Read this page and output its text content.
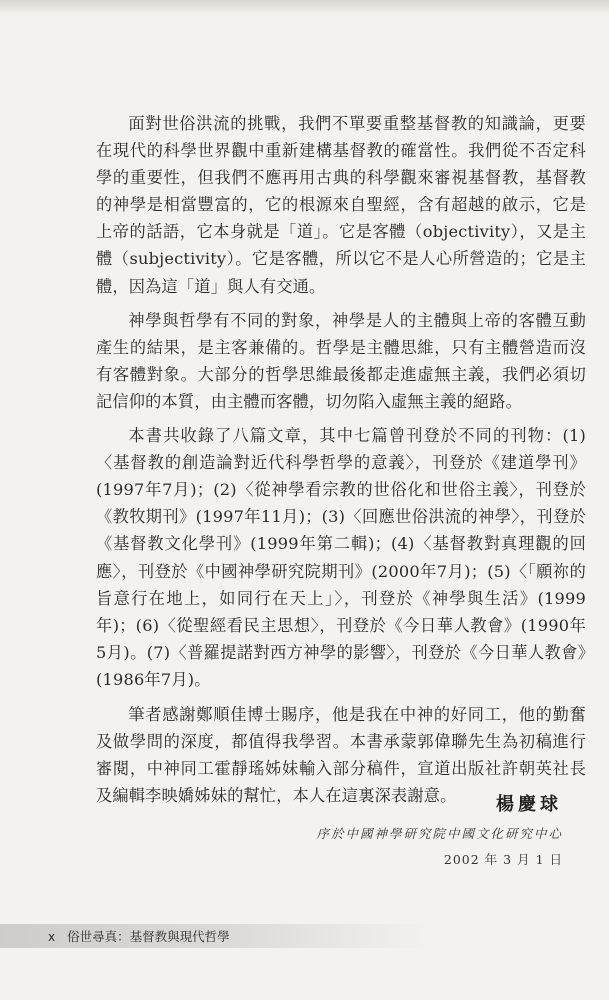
面對世俗洪流的挑戰，我們不單要重整基督教的知識論，更要在現代的科學世界觀中重新建構基督教的確當性。我們從不否定科學的重要性，但我們不應再用古典的科學觀來審視基督教，基督教的神學是相當豐富的，它的根源來自聖經，含有超越的啟示，它是上帝的話語，它本身就是「道」。它是客體（objectivity），又是主體（subjectivity）。它是客體，所以它不是人心所營造的；它是主體，因為這「道」與人有交通。

神學與哲學有不同的對象，神學是人的主體與上帝的客體互動產生的結果，是主客兼備的。哲學是主體思維，只有主體營造而沒有客體對象。大部分的哲學思維最後都走進虛無主義，我們必須切記信仰的本質，由主體而客體，切勿陷入虛無主義的絕路。

本書共收錄了八篇文章，其中七篇曾刊登於不同的刊物：(1)〈基督教的創造論對近代科學哲學的意義〉，刊登於《建道學刊》(1997年7月)；(2)〈從神學看宗教的世俗化和世俗主義〉，刊登於《教牧期刊》(1997年11月)；(3)〈回應世俗洪流的神學〉，刊登於《基督教文化學刊》(1999年第二輯)；(4)〈基督教對真理觀的回應〉，刊登於《中國神學研究院期刊》(2000年7月)；(5)〈「願祢的旨意行在地上，如同行在天上」〉，刊登於《神學與生活》(1999年)；(6)〈從聖經看民主思想〉，刊登於《今日華人教會》(1990年5月)。(7)〈普羅提諾對西方神學的影響〉，刊登於《今日華人教會》(1986年7月)。

筆者感謝鄭順佳博士賜序，他是我在中神的好同工，他的勤奮及做學問的深度，都值得我學習。本書承蒙郭偉聯先生為初稿進行審閱，中神同工霍靜瑤姊妹輸入部分稿件，宣道出版社許朝英社長及編輯李映嬌姊妹的幫忙，本人在這裏深表謝意。	楊慶球
序於中國神學研究院中國文化研究中心
2002 年 3 月 1 日
x 俗世尋真：基督教與現代哲學
